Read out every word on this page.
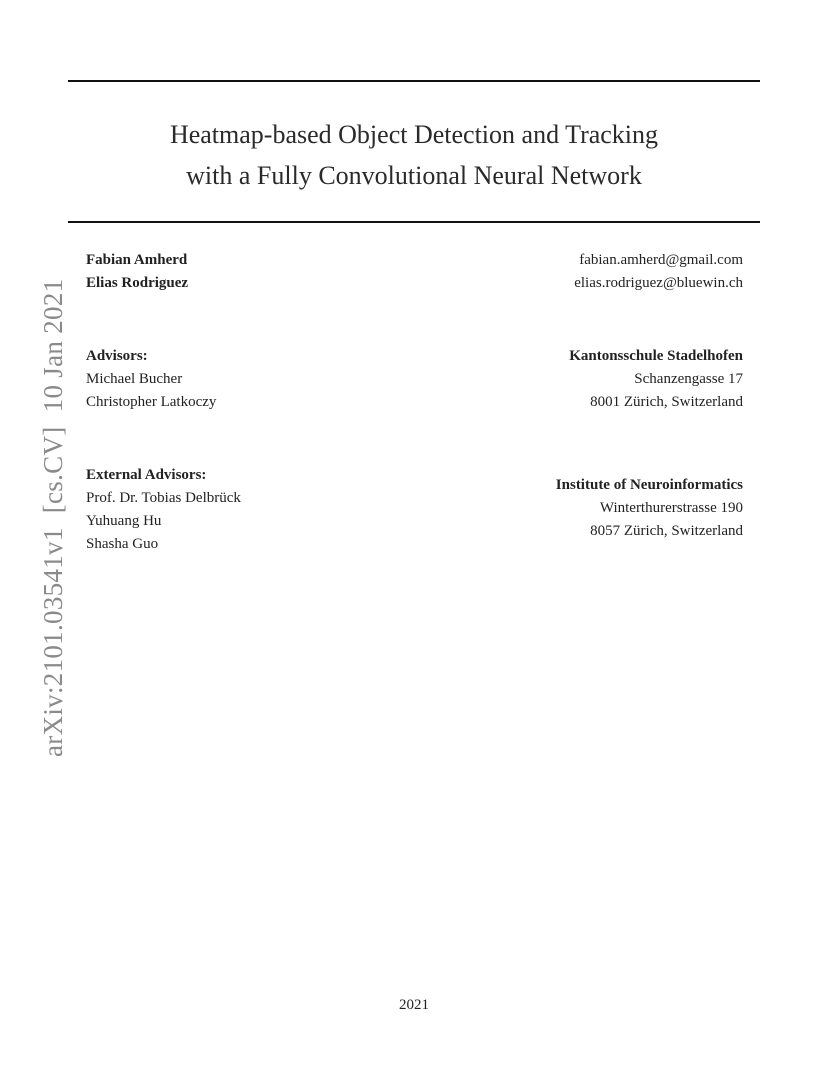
Heatmap-based Object Detection and Tracking
with a Fully Convolutional Neural Network
Fabian Amherd
Elias Rodriguez
fabian.amherd@gmail.com
elias.rodriguez@bluewin.ch
Advisors:
Michael Bucher
Christopher Latkoczy
Kantonsschule Stadelhofen
Schanzengasse 17
8001 Zürich, Switzerland
External Advisors:
Prof. Dr. Tobias Delbrück
Yuhuang Hu
Shasha Guo
Institute of Neuroinformatics
Winterthurerstrasse 190
8057 Zürich, Switzerland
arXiv:2101.03541v1  [cs.CV]  10 Jan 2021
2021
